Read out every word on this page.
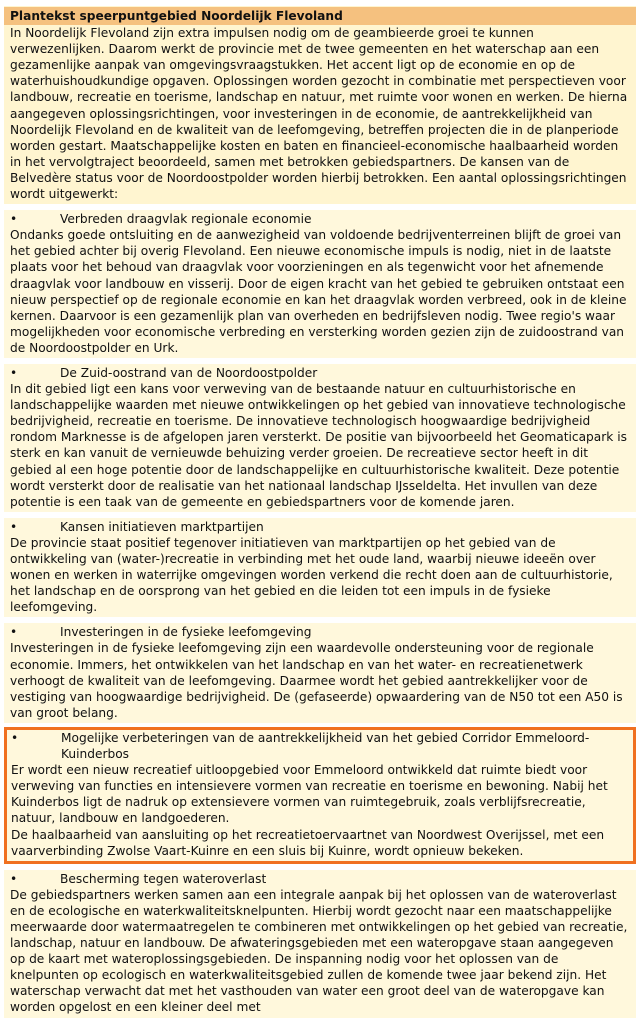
Plantekst speerpuntgebied Noordelijk Flevoland

In Noordelijk Flevoland zijn extra impulsen nodig om de geambieerde groei te kunnen verwezenlijken. Daarom werkt de provincie met de twee gemeenten en het waterschap aan een gezamenlijke aanpak van omgevingsvraagstukken. Het accent ligt op de economie en op de waterhuishoudkundige opgaven. Oplossingen worden gezocht in combinatie met perspectieven voor landbouw, recreatie en toerisme, landschap en natuur, met ruimte voor wonen en werken. De hierna aangegeven oplossingsrichtingen, voor investeringen in de economie, de aantrekkelijkheid van Noordelijk Flevoland en de kwaliteit van de leefomgeving, betreffen projecten die in de planperiode worden gestart. Maatschappelijke kosten en baten en financieel-economische haalbaarheid worden in het vervolgtraject beoordeeld, samen met betrokken gebiedspartners. De kansen van de Belvedère status voor de Noordoostpolder worden hierbij betrokken. Een aantal oplossingsrichtingen wordt uitgewerkt:

•	Verbreden draagvlak regionale economie

Ondanks goede ontsluiting en de aanwezigheid van voldoende bedrijventerreinen blijft de groei van het gebied achter bij overig Flevoland. Een nieuwe economische impuls is nodig, niet in de laatste plaats voor het behoud van draagvlak voor voorzieningen en als tegenwicht voor het afnemende draagvlak voor landbouw en visserij. Door de eigen kracht van het gebied te gebruiken ontstaat een nieuw perspectief op de regionale economie en kan het draagvlak worden verbreed, ook in de kleine kernen. Daarvoor is een gezamenlijk plan van overheden en bedrijfsleven nodig. Twee regio's waar mogelijkheden voor economische verbreding en versterking worden gezien zijn de zuidoostrand van de Noordoostpolder en Urk.

•	De Zuid-oostrand van de Noordoostpolder

In dit gebied ligt een kans voor verweving van de bestaande natuur en cultuurhistorische en landschappelijke waarden met nieuwe ontwikkelingen op het gebied van innovatieve technologische bedrijvigheid, recreatie en toerisme. De innovatieve technologisch hoogwaardige bedrijvigheid rondom Marknesse is de afgelopen jaren versterkt. De positie van bijvoorbeeld het Geomaticapark is sterk en kan vanuit de vernieuwde behuizing verder groeien. De recreatieve sector heeft in dit gebied al een hoge potentie door de landschappelijke en cultuurhistorische kwaliteit. Deze potentie wordt versterkt door de realisatie van het nationaal landschap IJsseldelta. Het invullen van deze potentie is een taak van de gemeente en gebiedspartners voor de komende jaren.

•	Kansen initiatieven marktpartijen

De provincie staat positief tegenover initiatieven van marktpartijen op het gebied van de ontwikkeling van (water-)recreatie in verbinding met het oude land, waarbij nieuwe ideeën over wonen en werken in waterrijke omgevingen worden verkend die recht doen aan de cultuurhistorie, het landschap en de oorsprong van het gebied en die leiden tot een impuls in de fysieke leefomgeving.

•	Investeringen in de fysieke leefomgeving

Investeringen in de fysieke leefomgeving zijn een waardevolle ondersteuning voor de regionale economie. Immers, het ontwikkelen van het landschap en van het water- en recreatienetwerk verhoogt de kwaliteit van de leefomgeving. Daarmee wordt het gebied aantrekkelijker voor de vestiging van hoogwaardige bedrijvigheid. De (gefaseerde) opwaardering van de N50 tot een A50 is van groot belang.

•	Mogelijke verbeteringen van de aantrekkelijkheid van het gebied Corridor Emmeloord-Kuinderbos

Er wordt een nieuw recreatief uitloopgebied voor Emmeloord ontwikkeld dat ruimte biedt voor verweving van functies en intensievere vormen van recreatie en toerisme en bewoning. Nabij het Kuinderbos ligt de nadruk op extensievere vormen van ruimtegebruik, zoals verblijfsrecreatie, natuur, landbouw en landgoederen.

De haalbaarheid van aansluiting op het recreatietoervaartnet van Noordwest Overijssel, met een vaarverbinding Zwolse Vaart-Kuinre en een sluis bij Kuinre, wordt opnieuw bekeken.

•	Bescherming tegen wateroverlast

De gebiedspartners werken samen aan een integrale aanpak bij het oplossen van de wateroverlast en de ecologische en waterkwaliteitsknelpunten. Hierbij wordt gezocht naar een maatschappelijke meerwaarde door watermaatregelen te combineren met ontwikkelingen op het gebied van recreatie, landschap, natuur en landbouw. De afwateringsgebieden met een wateropgave staan aangegeven op de kaart met wateroplossingsgebieden. De inspanning nodig voor het oplossen van de knelpunten op ecologisch en waterkwaliteitsgebied zullen de komende twee jaar bekend zijn. Het waterschap verwacht dat met het vasthouden van water een groot deel van de wateropgave kan worden opgelost en een kleiner deel met
